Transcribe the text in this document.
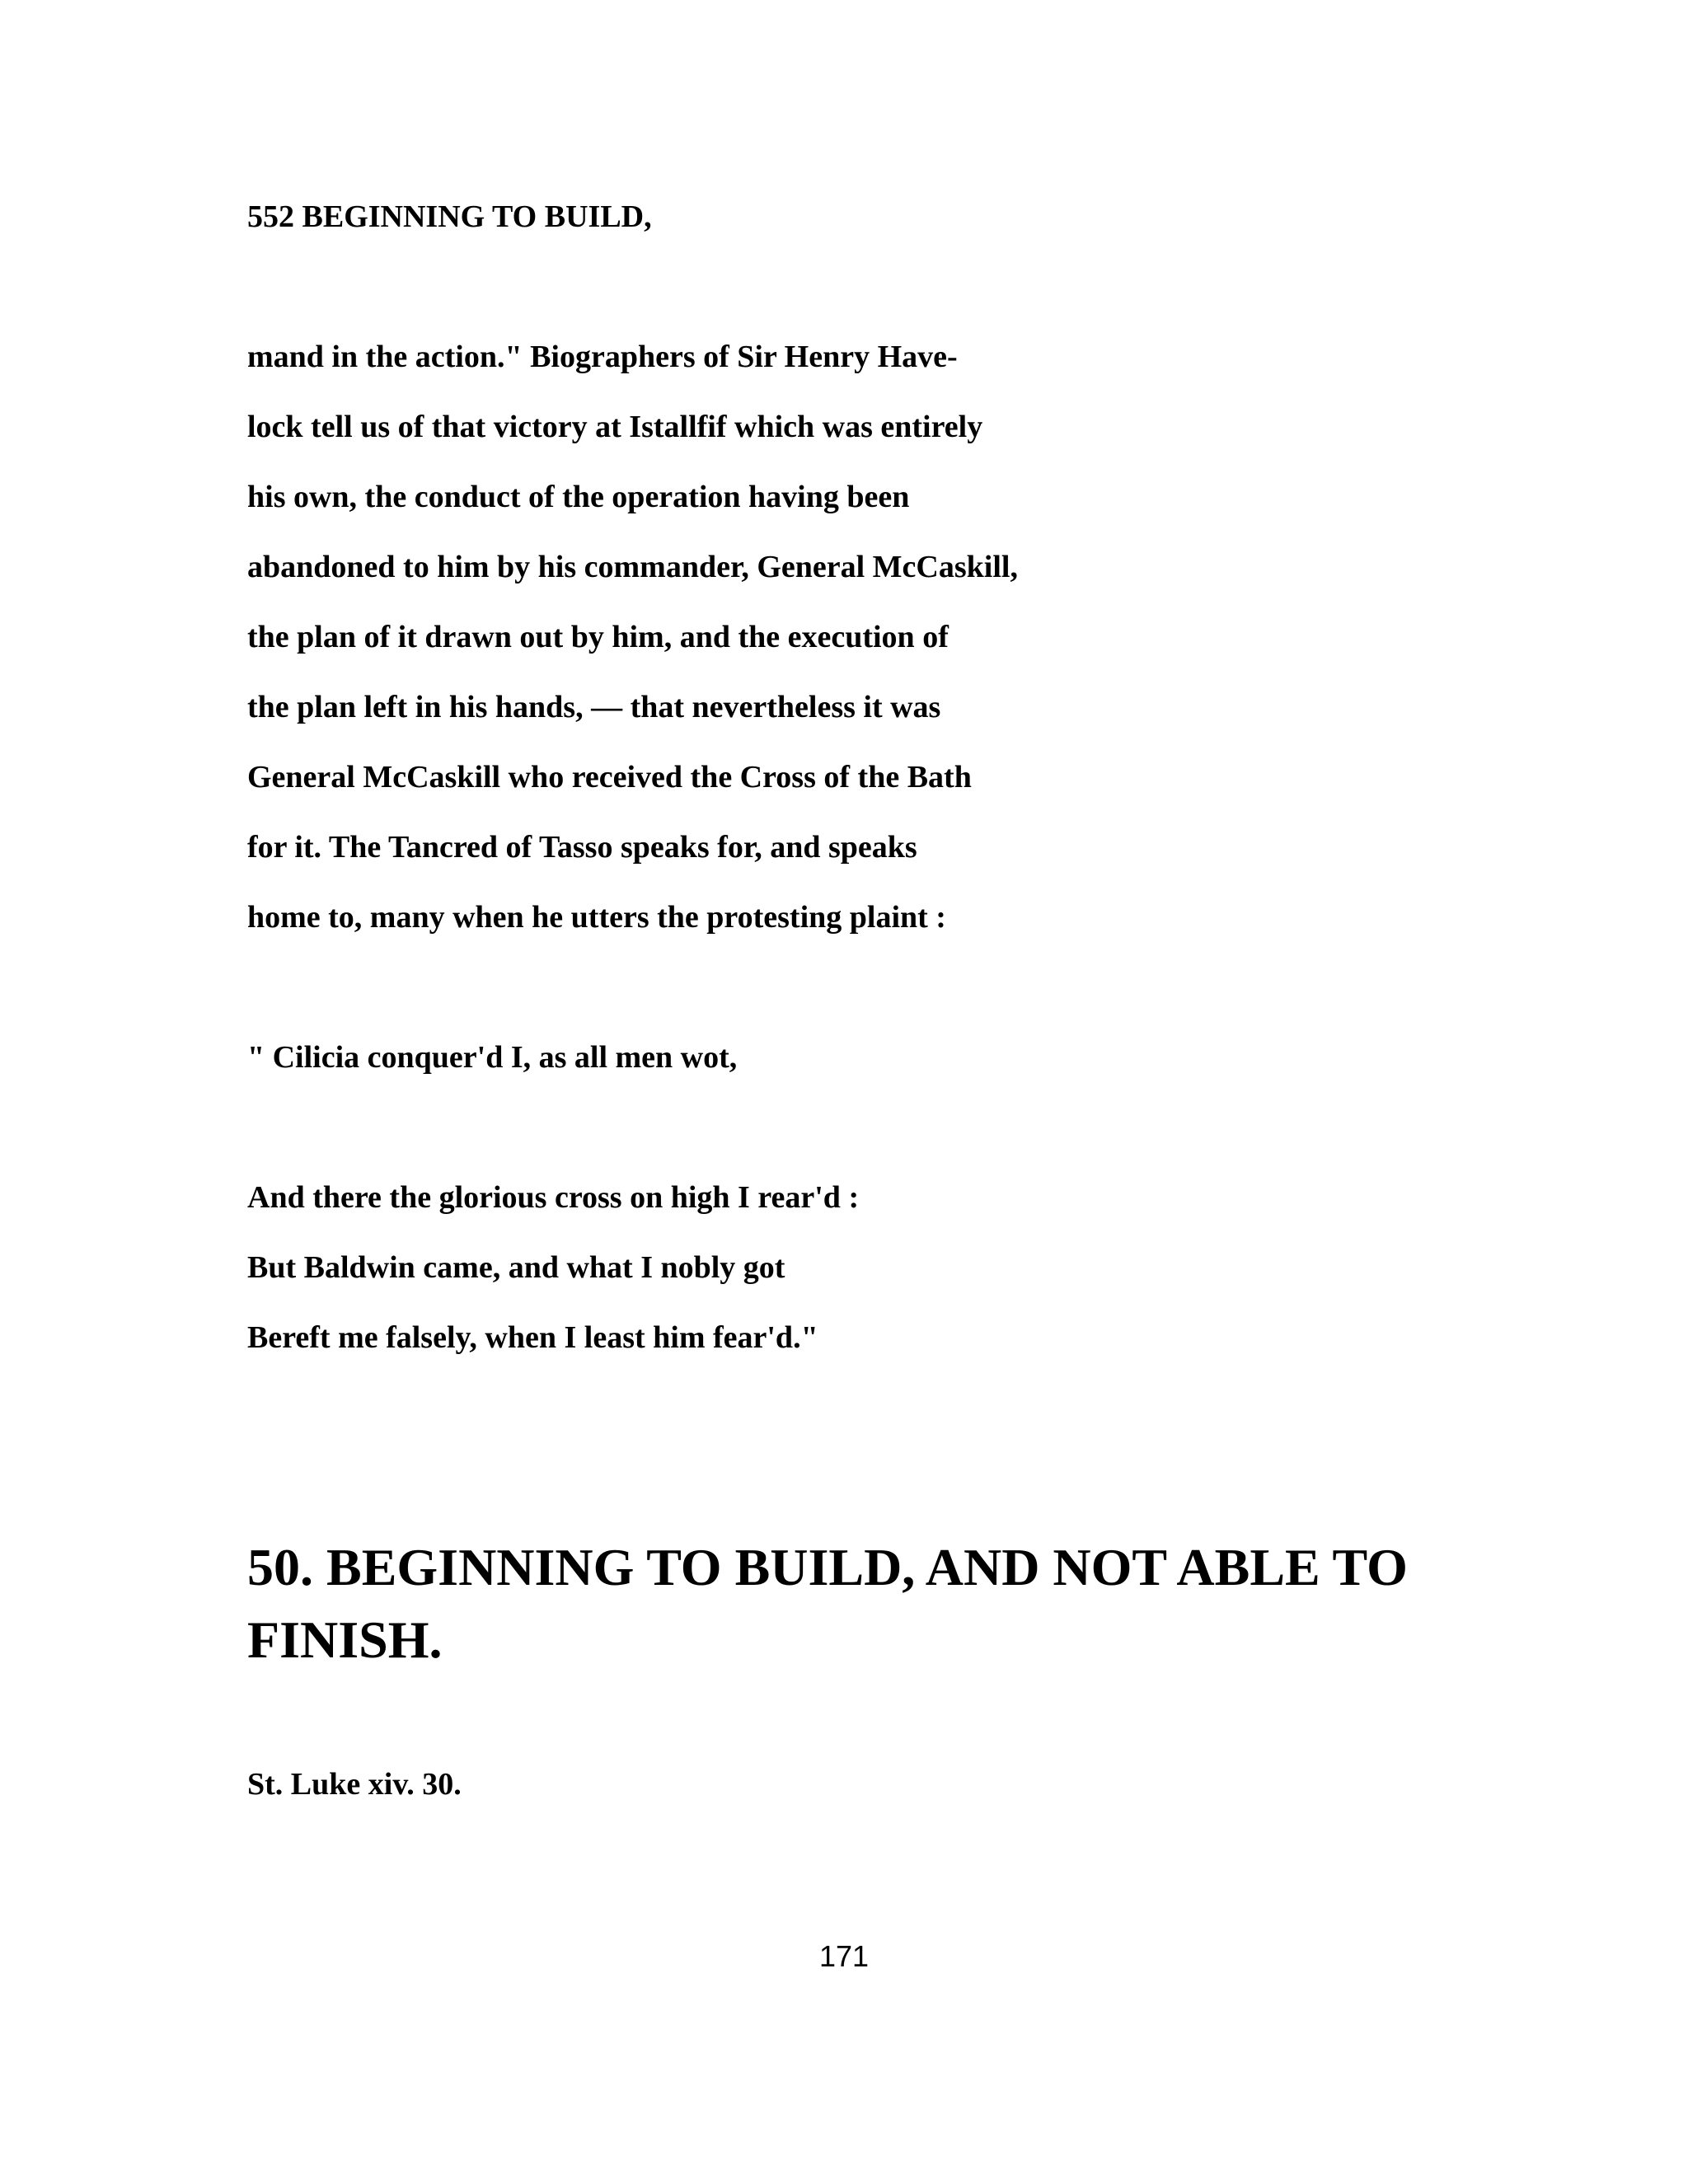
552 BEGINNING TO BUILD,
mand in the action." Biographers of Sir Henry Have-
lock tell us of that victory at Istallfif which was entirely
his own, the conduct of the operation having been
abandoned to him by his commander, General McCaskill,
the plan of it drawn out by him, and the execution of
the plan left in his hands, — that nevertheless it was
General McCaskill who received the Cross of the Bath
for it. The Tancred of Tasso speaks for, and speaks
home to, many when he utters the protesting plaint :
" Cilicia conquer'd I, as all men wot,
And there the glorious cross on high I rear'd :
But Baldwin came, and what I nobly got
Bereft me falsely, when I least him fear'd."
50. BEGINNING TO BUILD, AND NOT ABLE TO FINISH.
St. Luke xiv. 30.
171
